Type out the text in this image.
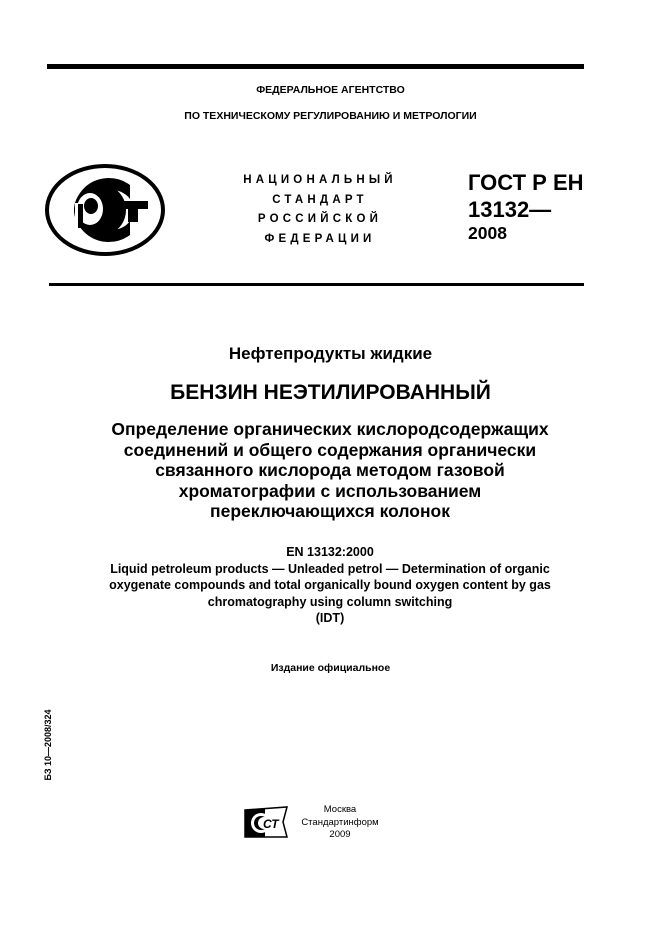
ФЕДЕРАЛЬНОЕ АГЕНТСТВО
ПО ТЕХНИЧЕСКОМУ РЕГУЛИРОВАНИЮ И МЕТРОЛОГИИ
НАЦИОНАЛЬНЫЙ
СТАНДАРТ
РОССИЙСКОЙ
ФЕДЕРАЦИИ
ГОСТ Р ЕН
13132—
2008
Нефтепродукты жидкие
БЕНЗИН НЕЭТИЛИРОВАННЫЙ
Определение органических кислородсодержащих
соединений и общего содержания органически
связанного кислорода методом газовой
хроматографии с использованием
переключающихся колонок
EN 13132:2000
Liquid petroleum products — Unleaded petrol — Determination of organic
oxygenate compounds and total organically bound oxygen content by gas
chromatography using column switching
(IDT)
Издание официальное
БЗ 10—2008/324
СТ
Москва
Стандартинформ
2009
